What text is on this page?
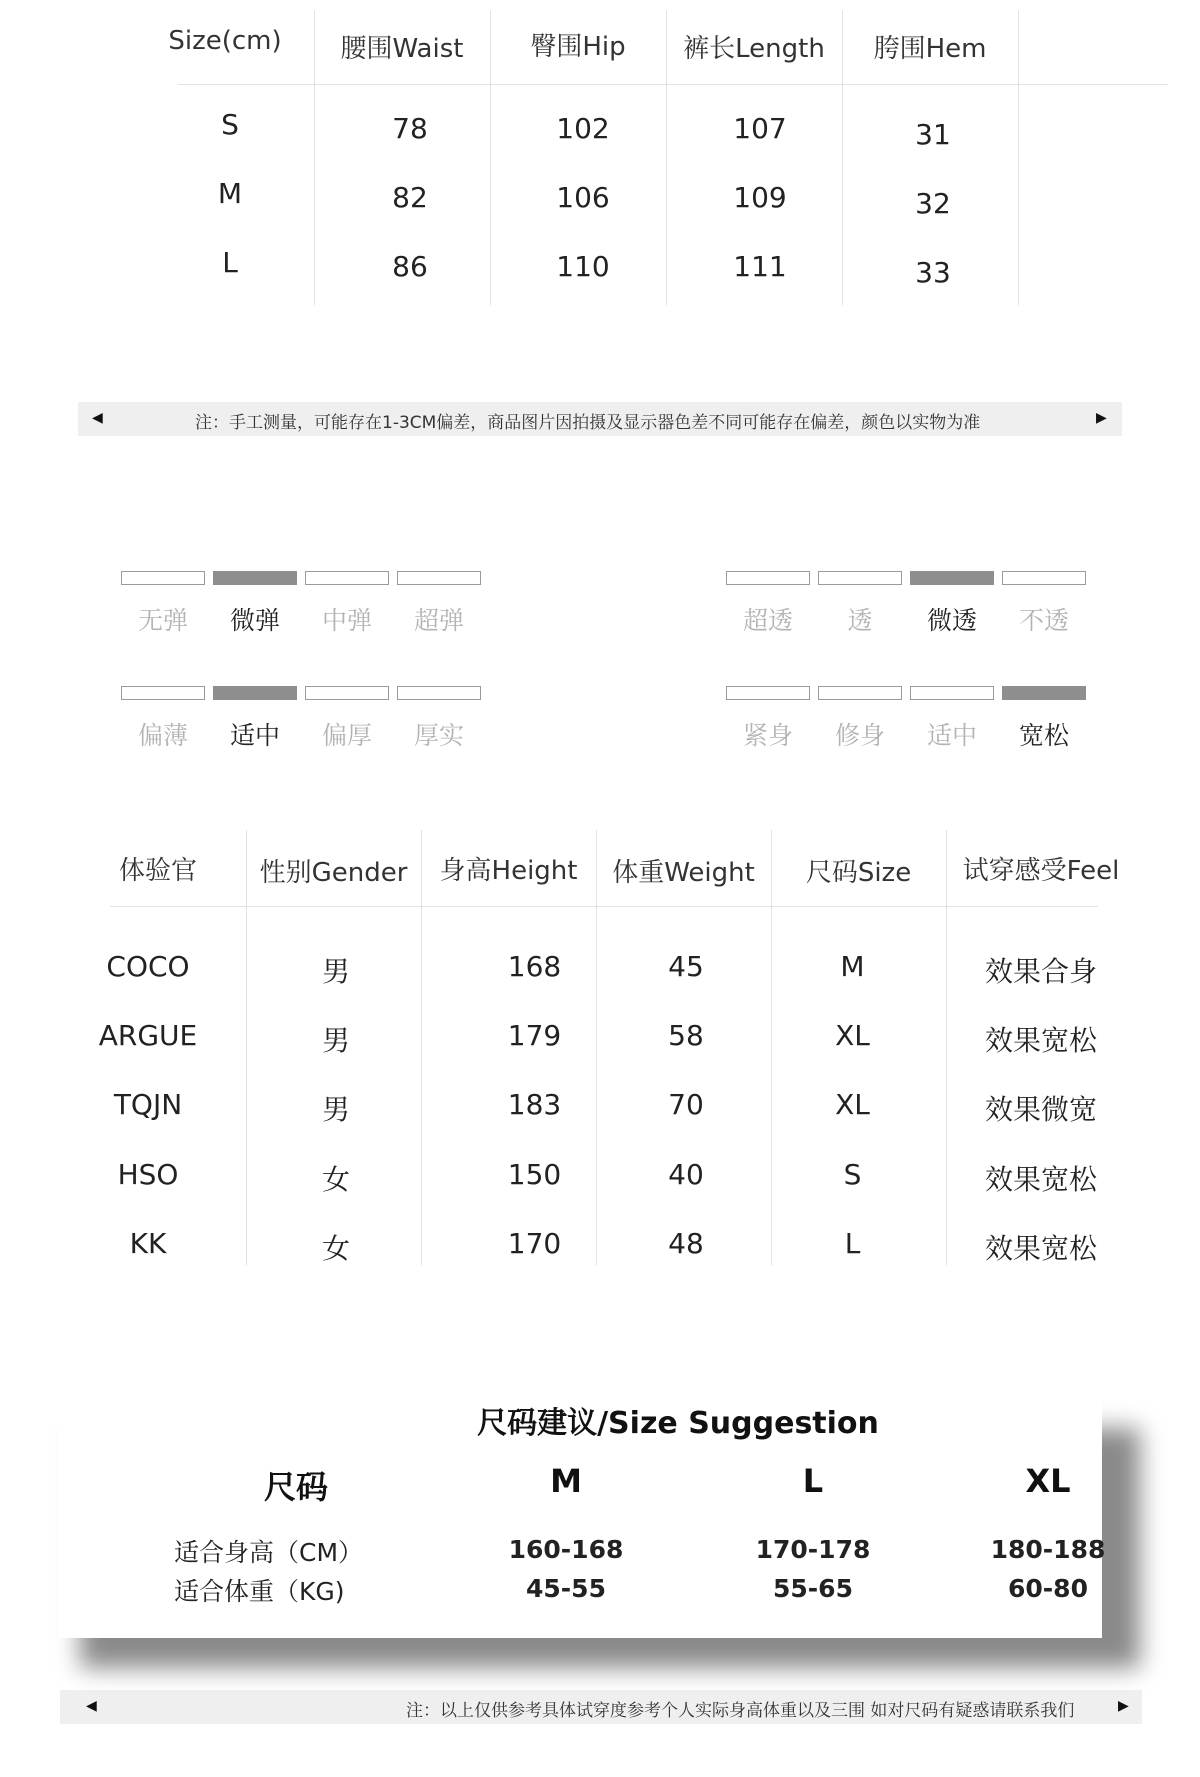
Size(cm)	腰围Waist	臀围Hip	裤长Length	胯围Hem
S	78	102	107	31
M	82	106	109	32
L	86	110	111	33
◀	注：手工测量，可能存在1-3CM偏差，商品图片因拍摄及显示器色差不同可能存在偏差，颜色以实物为准	▶
无弹	微弹	中弹	超弹	超透	透	微透	不透
偏薄	适中	偏厚	厚实	紧身	修身	适中	宽松
体验官	性别Gender	身高Height	体重Weight	尺码Size	试穿感受Feel
COCO	男	168	45	M	效果合身
ARGUE	男	179	58	XL	效果宽松
TQJN	男	183	70	XL	效果微宽
HSO	女	150	40	S	效果宽松
KK	女	170	48	L	效果宽松
尺码建议/Size Suggestion
尺码	M	L	XL
适合身高（CM）	160-168	170-178	180-188
适合体重（KG)	45-55	55-65	60-80
◀	注：以上仅供参考具体试穿度参考个人实际身高体重以及三围 如对尺码有疑惑请联系我们	▶
